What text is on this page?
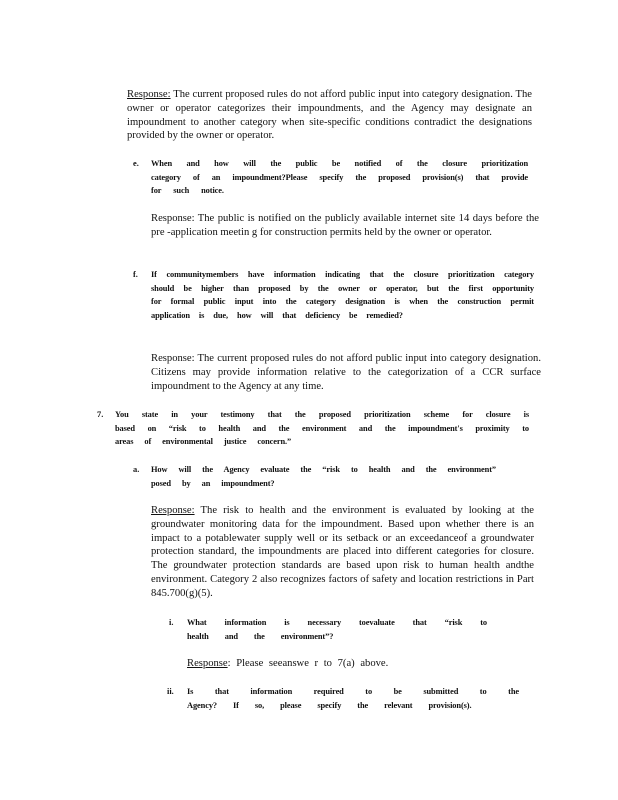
Response: The current proposed rules do not afford public input into category designation. The owner or operator categorizes their impoundments, and the Agency may designate an impoundment to another category when site-specific conditions contradict the designations provided by the owner or operator.
e. When and how will the public be notified of the closure prioritization category of an impoundment?Please specify the proposed provision(s) that provide for such notice.
Response: The public is notified on the publicly available internet site 14 days before the pre -application meetin g for construction permits held by the owner or operator.
f. If communitymembers have information indicating that the closure prioritization category should be higher than proposed by the owner or operator, but the first opportunity for formal public input into the category designation is when the construction permit application is due, how will that deficiency be remedied?
Response: The current proposed rules do not afford public input into category designation. Citizens may provide information relative to the categorization of a CCR surface impoundment to the Agency at any time.
7. You state in your testimony that the proposed prioritization scheme for closure is based on “risk to health and the environment and the impoundment's proximity to areas of environmental justice concern.”
a. How will the Agency evaluate the “risk to health and the environment” posed by an impoundment?
Response: The risk to health and the environment is evaluated by looking at the groundwater monitoring data for the impoundment. Based upon whether there is an impact to a potablewater supply well or its setback or an exceedanceof a groundwater protection standard, the impoundments are placed into different categories for closure. The groundwater protection standards are based upon risk to human health andthe environment. Category 2 also recognizes factors of safety and location restrictions in Part 845.700(g)(5).
i. What information is necessary toevaluate that “risk to health and the environment”?
Response: Please seeanswe r to 7(a) above.
ii. Is that information required to be submitted to the Agency? If so, please specify the relevant provision(s).
